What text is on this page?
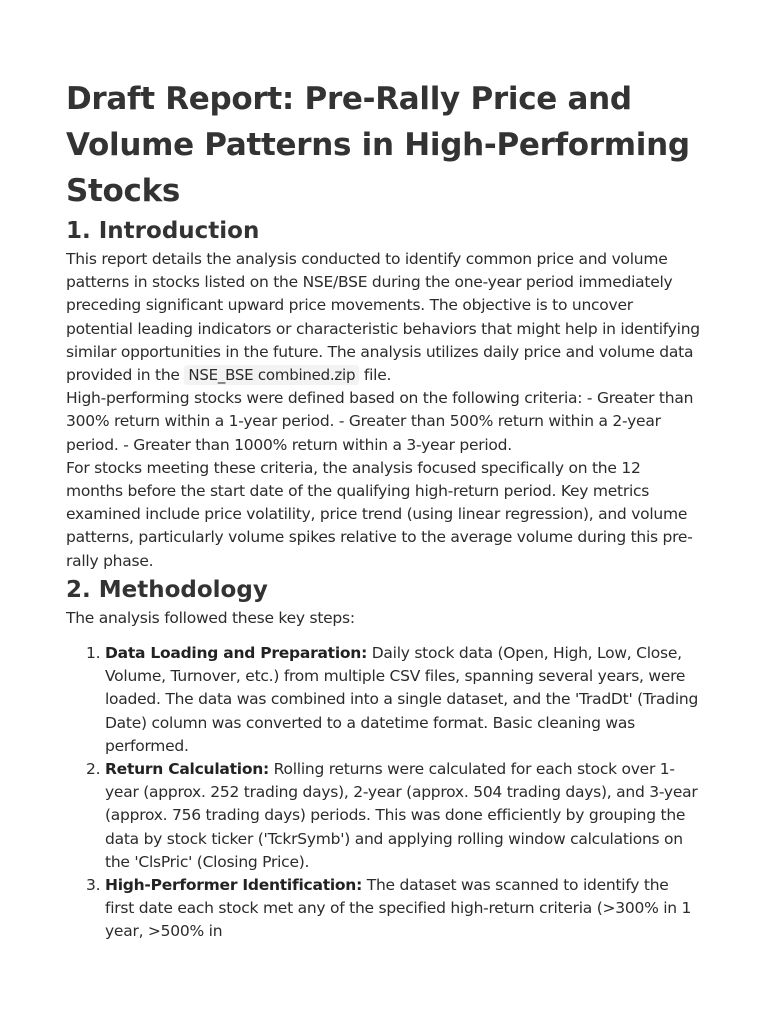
Draft Report: Pre-Rally Price and Volume Patterns in High-Performing Stocks
1. Introduction

This report details the analysis conducted to identify common price and volume patterns in stocks listed on the NSE/BSE during the one-year period immediately preceding significant upward price movements. The objective is to uncover potential leading indicators or characteristic behaviors that might help in identifying similar opportunities in the future. The analysis utilizes daily price and volume data provided in the NSE_BSE combined.zip file.

High-performing stocks were defined based on the following criteria: - Greater than 300% return within a 1-year period. - Greater than 500% return within a 2-year period. - Greater than 1000% return within a 3-year period.

For stocks meeting these criteria, the analysis focused specifically on the 12 months before the start date of the qualifying high-return period. Key metrics examined include price volatility, price trend (using linear regression), and volume patterns, particularly volume spikes relative to the average volume during this pre-rally phase.

2. Methodology

The analysis followed these key steps:

1. Data Loading and Preparation: Daily stock data (Open, High, Low, Close, Volume, Turnover, etc.) from multiple CSV files, spanning several years, were loaded. The data was combined into a single dataset, and the 'TradDt' (Trading Date) column was converted to a datetime format. Basic cleaning was performed.
2. Return Calculation: Rolling returns were calculated for each stock over 1-year (approx. 252 trading days), 2-year (approx. 504 trading days), and 3-year (approx. 756 trading days) periods. This was done efficiently by grouping the data by stock ticker ('TckrSymb') and applying rolling window calculations on the 'ClsPric' (Closing Price).
3. High-Performer Identification: The dataset was scanned to identify the first date each stock met any of the specified high-return criteria (>300% in 1 year, >500% in
